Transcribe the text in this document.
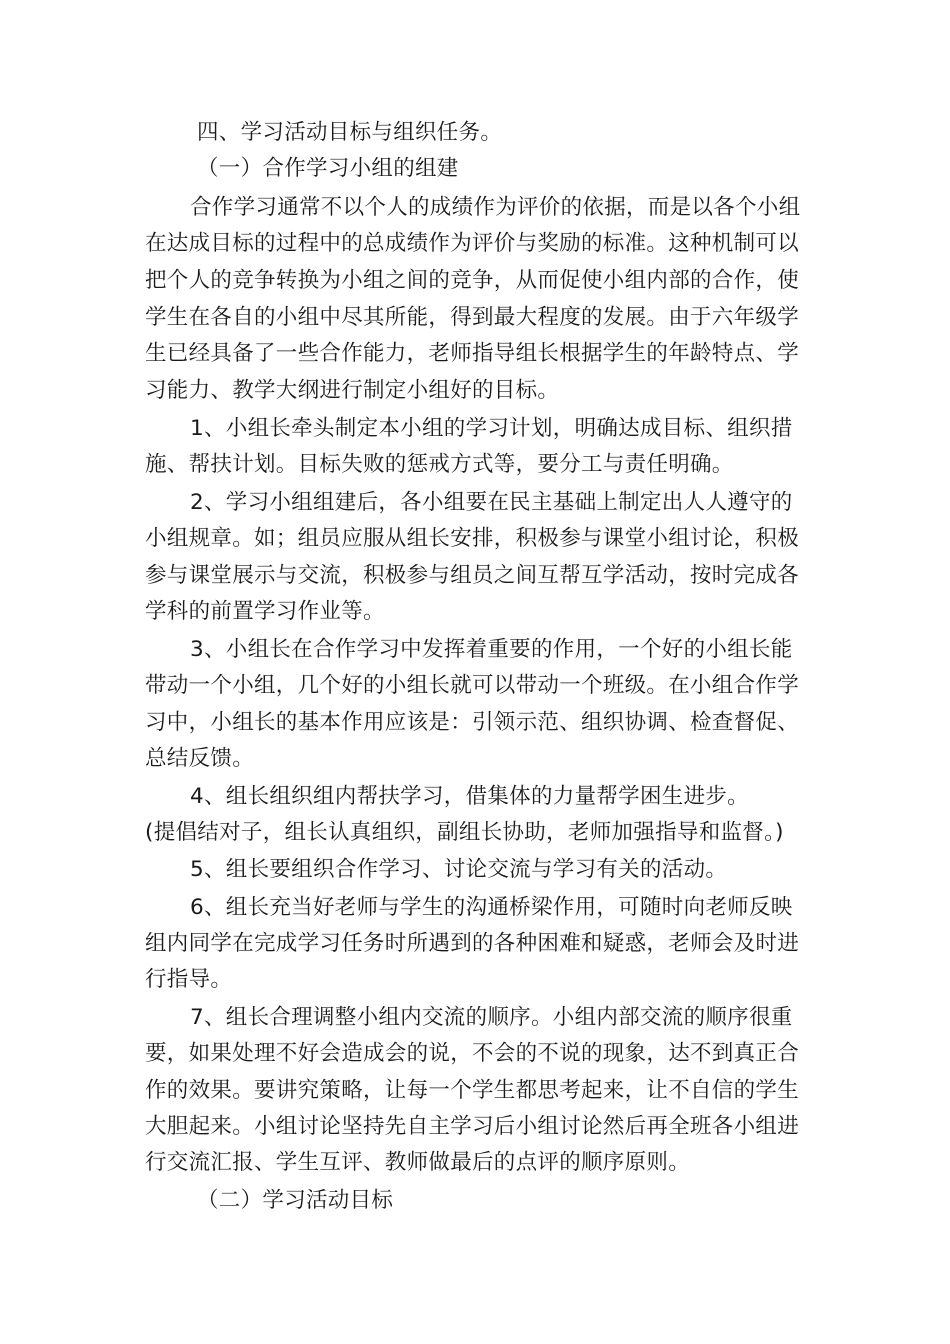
四、学习活动目标与组织任务。
（一）合作学习小组的组建
合作学习通常不以个人的成绩作为评价的依据，而是以各个小组
在达成目标的过程中的总成绩作为评价与奖励的标准。这种机制可以
把个人的竞争转换为小组之间的竞争，从而促使小组内部的合作，使
学生在各自的小组中尽其所能，得到最大程度的发展。由于六年级学
生已经具备了一些合作能力，老师指导组长根据学生的年龄特点、学
习能力、教学大纲进行制定小组好的目标。
1、小组长牵头制定本小组的学习计划，明确达成目标、组织措
施、帮扶计划。目标失败的惩戒方式等，要分工与责任明确。
2、学习小组组建后，各小组要在民主基础上制定出人人遵守的
小组规章。如；组员应服从组长安排，积极参与课堂小组讨论，积极
参与课堂展示与交流，积极参与组员之间互帮互学活动，按时完成各
学科的前置学习作业等。
3、小组长在合作学习中发挥着重要的作用，一个好的小组长能
带动一个小组，几个好的小组长就可以带动一个班级。在小组合作学
习中，小组长的基本作用应该是：引领示范、组织协调、检查督促、
总结反馈。
4、组长组织组内帮扶学习，借集体的力量帮学困生进步。
(提倡结对子，组长认真组织，副组长协助，老师加强指导和监督。)
5、组长要组织合作学习、讨论交流与学习有关的活动。
6、组长充当好老师与学生的沟通桥梁作用，可随时向老师反映
组内同学在完成学习任务时所遇到的各种困难和疑惑，老师会及时进
行指导。
7、组长合理调整小组内交流的顺序。小组内部交流的顺序很重
要，如果处理不好会造成会的说，不会的不说的现象，达不到真正合
作的效果。要讲究策略，让每一个学生都思考起来，让不自信的学生
大胆起来。小组讨论坚持先自主学习后小组讨论然后再全班各小组进
行交流汇报、学生互评、教师做最后的点评的顺序原则。
（二）学习活动目标
